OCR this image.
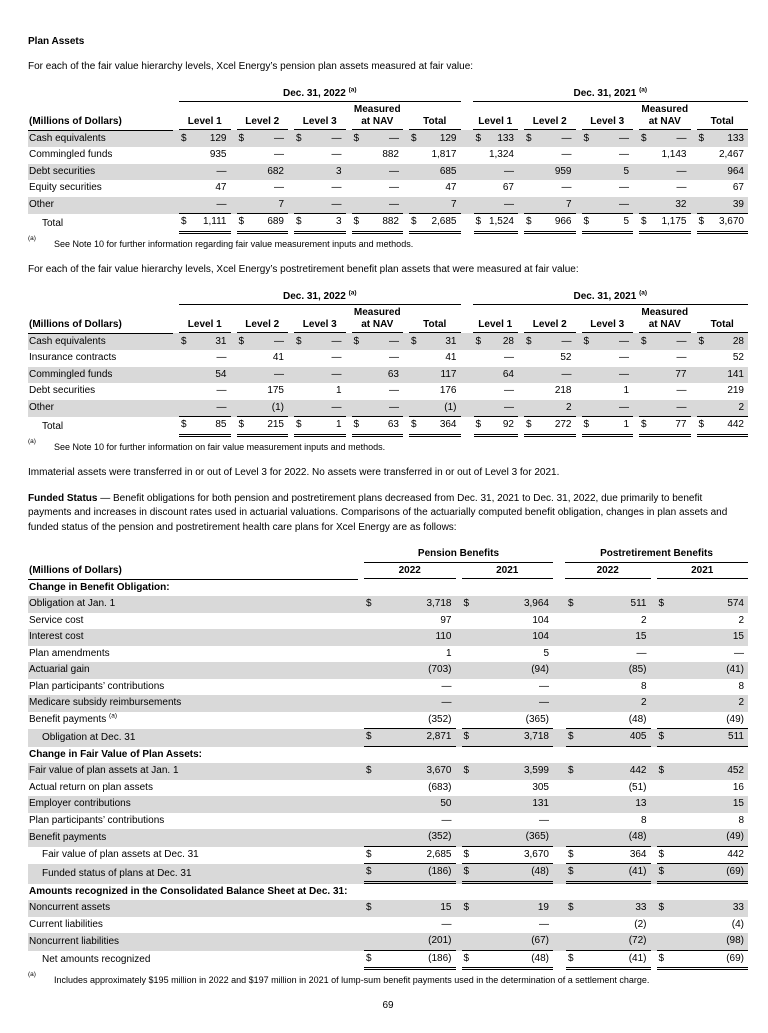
Plan Assets

For each of the fair value hierarchy levels, Xcel Energy’s pension plan assets measured at fair value:

	Dec. 31, 2022 $^{(a)}$					Dec. 31, 2021 $^{(a)}$

(Millions of Dollars)	Level 1	Level 2	Level 3	Measured at NAV	Total	Level 1	Level 2	Level 3	Measured at NAV	Total

Cash equivalents	$ 129	$ —	$ —	$ —	$ 129	$ 133	$ —	$ —	$ —	$ 133

Commingled funds	935	—	—	882	1,817	1,324	—	—	1,143	2,467

Debt securities	—	682	3	—	685	—	959	5	—	964

Equity securities	47	—	—	—	47	67	—	—	—	67

Other	—	7	—	—	7	—	7	—	32	39

Total	$ 1,111	$ 689	$ 3	$ 882	$ 2,685	$ 1,524	$ 966	$ 5	$ 1,175	$ 3,670
(a)
See Note 10 for further information regarding fair value measurement inputs and methods.

For each of the fair value hierarchy levels, Xcel Energy’s postretirement benefit plan assets that were measured at fair value:

	Dec. 31, 2022 $^{(a)}$					Dec. 31, 2021 $^{(a)}$

(Millions of Dollars)	Level 1	Level 2	Level 3	Measured at NAV	Total	Level 1	Level 2	Level 3	Measured at NAV	Total

Cash equivalents	$ 31	$ —	$ —	$ —	$ 31	$ 28	$ —	$ —	$ —	$ 28

Insurance contracts	—	41	—	—	41	—	52	—	—	52

Commingled funds	54	—	—	63	117	64	—	—	77	141

Debt securities	—	175	1	—	176	—	218	1	—	219

Other	—	(1)	—	—	(1)	—	2	—	—	2

Total	$ 85	$ 215	$ 1	$ 63	$ 364	$ 92	$ 272	$ 1	$ 77	$ 442
(a)
See Note 10 for further information on fair value measurement inputs and methods.

Immaterial assets were transferred in or out of Level 3 for 2022. No assets were transferred in or out of Level 3 for 2021.

Funded Status — Benefit obligations for both pension and postretirement plans decreased from Dec. 31, 2021 to Dec. 31, 2022, due primarily to benefit payments and increases in discount rates used in actuarial valuations. Comparisons of the actuarially computed benefit obligation, changes in plan assets and funded status of the pension and postretirement health care plans for Xcel Energy are as follows:

	Pension Benefits		Postretirement Benefits	

(Millions of Dollars)	2022	2021	2022	2021

Change in Benefit Obligation:				
Obligation at Jan. 1	$ 3,718	$ 3,964	$ 511	$ 574

Service cost	97	104	2	2

Interest cost	110	104	15	15

Plan amendments	1	5	—	—

Actuarial gain	(703)	(94)	(85)	(41)

Plan participants’ contributions	—	—	8	8

Medicare subsidy reimbursements	—	—	2	2

Benefit payments $^{(a)}$	(352)	(365)	(48)	(49)

Obligation at Dec. 31	$ 2,871	$ 3,718	$ 405	$ 511

Change in Fair Value of Plan Assets:				
Fair value of plan assets at Jan. 1	$ 3,670	$ 3,599	$ 442	$ 452

Actual return on plan assets	(683)	305	(51)	16

Employer contributions	50	131	13	15

Plan participants’ contributions	—	—	8	8

Benefit payments	(352)	(365)	(48)	(49)

Fair value of plan assets at Dec. 31	$ 2,685	$ 3,670	$ 364	$ 442

Funded status of plans at Dec. 31	$ (186)	$ (48)	$ (41)	$ (69)

Amounts recognized in the Consolidated Balance Sheet at Dec. 31:				
Noncurrent assets	$ 15	$ 19	$ 33	$ 33

Current liabilities	—	—	(2)	(4)

Noncurrent liabilities	(201)	(67)	(72)	(98)

Net amounts recognized	$ (186)	$ (48)	$ (41)	$ (69)
(a)
Includes approximately $195 million in 2022 and $197 million in 2021 of lump-sum benefit payments used in the determination of a settlement charge.
69
